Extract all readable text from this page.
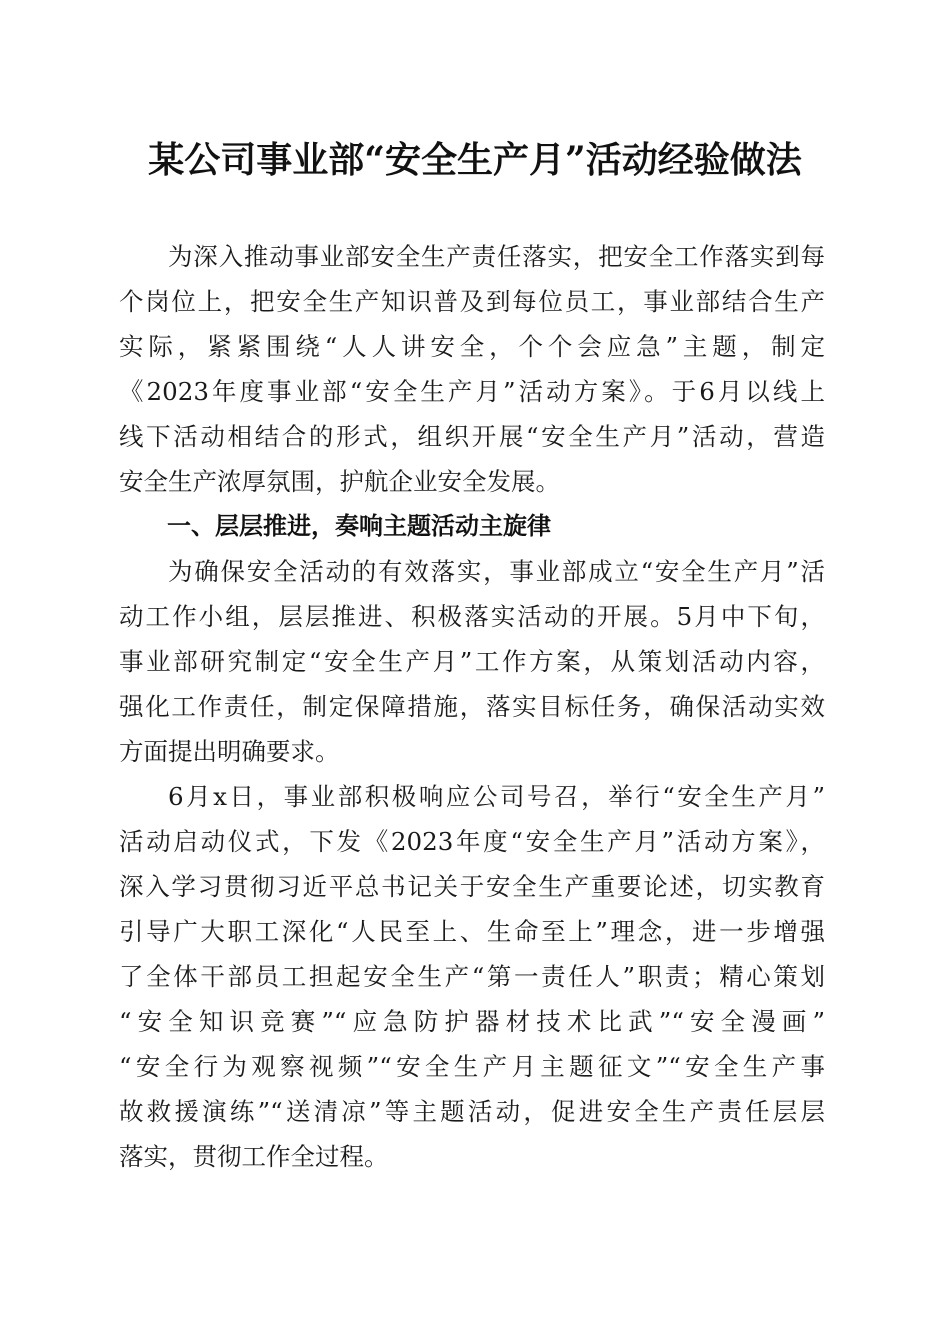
某公司事业部“安全生产月”活动经验做法

为深入推动事业部安全生产责任落实，把安全工作落实到每
个岗位上，把安全生产知识普及到每位员工，事业部结合生产
实际，紧紧围绕“人人讲安全，个个会应急”主题，制定
《2023年度事业部“安全生产月”活动方案》。于6月以线上
线下活动相结合的形式，组织开展“安全生产月”活动，营造
安全生产浓厚氛围，护航企业安全发展。

一、层层推进，奏响主题活动主旋律

为确保安全活动的有效落实，事业部成立“安全生产月”活
动工作小组，层层推进、积极落实活动的开展。5月中下旬，
事业部研究制定“安全生产月”工作方案，从策划活动内容，
强化工作责任，制定保障措施，落实目标任务，确保活动实效
方面提出明确要求。

6月x日，事业部积极响应公司号召，举行“安全生产月”
活动启动仪式，下发《2023年度“安全生产月”活动方案》，
深入学习贯彻习近平总书记关于安全生产重要论述，切实教育
引导广大职工深化“人民至上、生命至上”理念，进一步增强
了全体干部员工担起安全生产“第一责任人”职责；精心策划
“安全知识竞赛”“应急防护器材技术比武”“安全漫画”
“安全行为观察视频”“安全生产月主题征文”“安全生产事
故救援演练”“送清凉”等主题活动，促进安全生产责任层层
落实，贯彻工作全过程。
